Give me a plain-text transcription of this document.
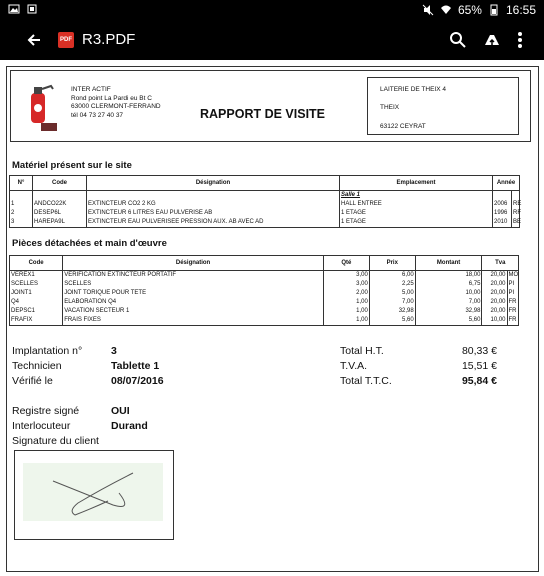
65% 16:55
PDF R3.PDF
INTER ACTIF
Rond point La Pardi eu Bt C
63000 CLERMONT-FERRAND
tél 04 73 27 40 37	RAPPORT DE VISITE
LAITERIE DE THEIX 4
THEIX
63122 CEYRAT
Matériel présent sur le site
N°	Code	Désignation	Emplacement	Année	
			Salle 1		
1	ANDCO22K	EXTINCTEUR CO2 2 KG	HALL ENTREE	2006	RE
2	DESEP6L	EXTINCTEUR 6 LITRES EAU PULVERISE AB	1 ETAGE	1996	RF
3	HAREPA9L	EXTINCTEUR EAU PULVERISEE PRESSION AUX. AB AVEC AD	1 ETAGE	2010	BE
Pièces détachées et main d'œuvre
Code	Désignation	Qté	Prix	Montant	Tva	
VEREX1	VERIFICATION EXTINCTEUR PORTATIF	3,00	6,00	18,00	20,00	MO
SCELLES	SCELLES	3,00	2,25	6,75	20,00	PI
JOINT1	JOINT TORIQUE POUR TETE	2,00	5,00	10,00	20,00	PI
Q4	ELABORATION Q4	1,00	7,00	7,00	20,00	FR
DEPSC1	VACATION SECTEUR 1	1,00	32,98	32,98	20,00	FR
FRAFIX	FRAIS FIXES	1,00	5,60	5,60	10,00	FR
Implantation n°	3
Technicien	Tablette 1
Vérifié le	08/07/2016
Total H.T.	80,33 €
T.V.A.	15,51 €
Total T.T.C.	95,84 €
Registre signé	OUI
Interlocuteur	Durand
Signature du client
